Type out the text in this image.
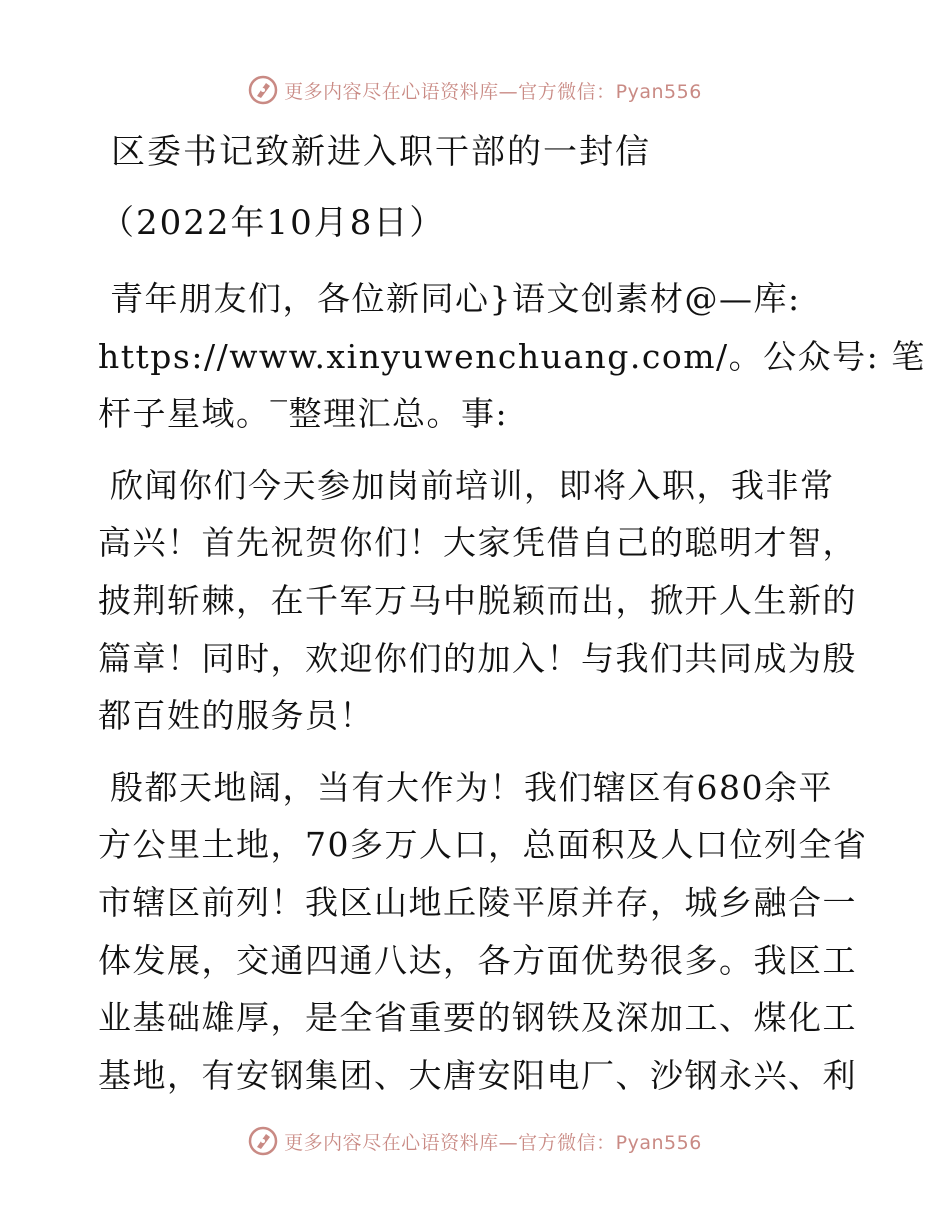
更多内容尽在心语资料库—官方微信：Pyan556
区委书记致新进入职干部的一封信
（2022年10月8日）
青年朋友们，各位新同心}语文创素材@—库:
https://www.xinyuwenchuang.com/。公众号: 笔
杆子星域。‾整理汇总。事:
欣闻你们今天参加岗前培训，即将入职，我非常
高兴！首先祝贺你们！大家凭借自己的聪明才智，
披荆斩棘，在千军万马中脱颖而出，掀开人生新的
篇章！同时，欢迎你们的加入！与我们共同成为殷
都百姓的服务员！
殷都天地阔，当有大作为！我们辖区有680余平
方公里土地，70多万人口，总面积及人口位列全省
市辖区前列！我区山地丘陵平原并存，城乡融合一
体发展，交通四通八达，各方面优势很多。我区工
业基础雄厚，是全省重要的钢铁及深加工、煤化工
基地，有安钢集团、大唐安阳电厂、沙钢永兴、利
更多内容尽在心语资料库—官方微信：Pyan556
